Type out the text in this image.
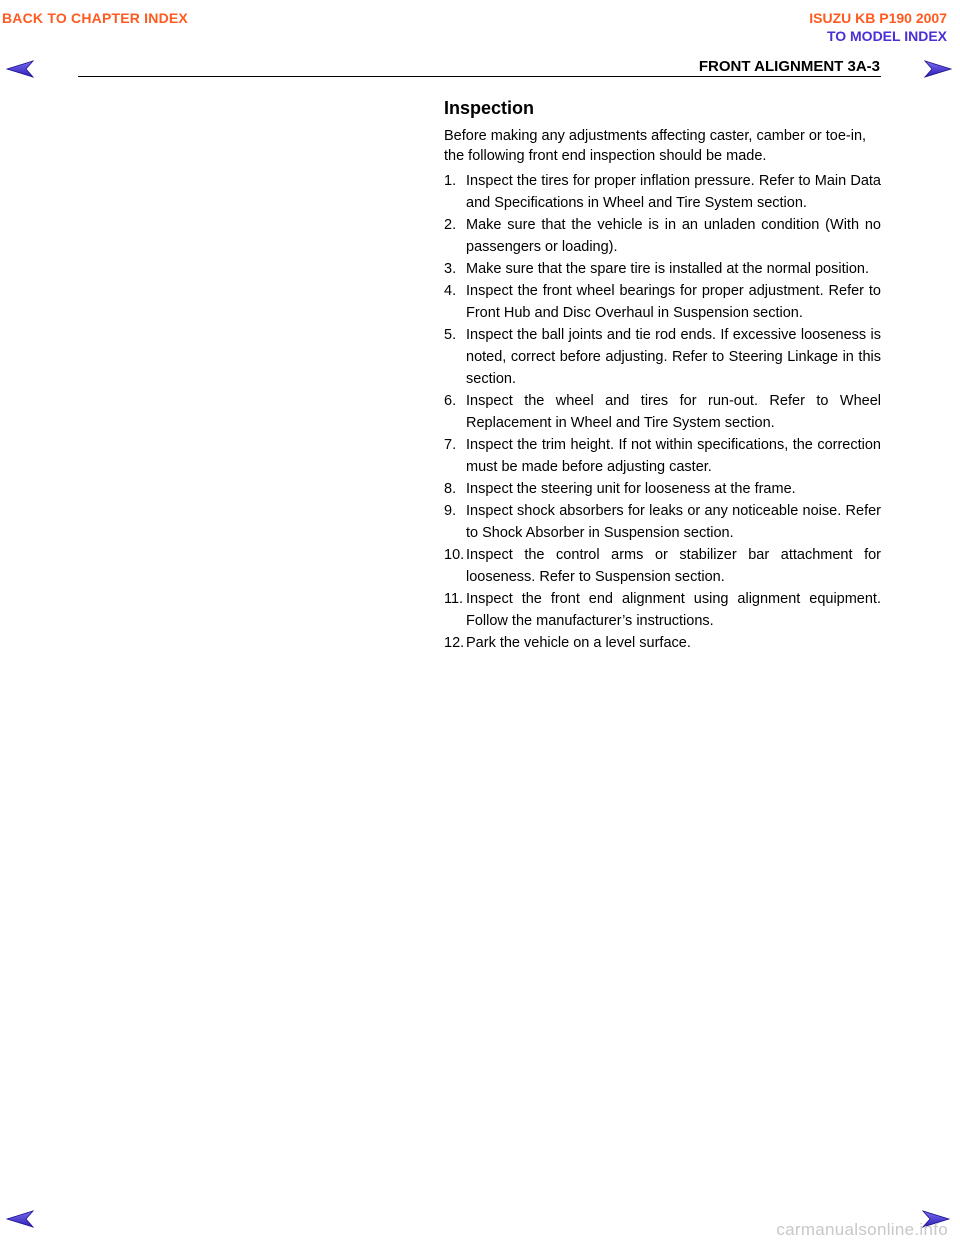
BACK TO CHAPTER INDEX	ISUZU KB P190 2007
TO MODEL INDEX
FRONT ALIGNMENT 3A-3
Inspection

Before making any adjustments affecting caster, camber or toe-in, the following front end inspection should be made.

1. Inspect the tires for proper inflation pressure. Refer to Main Data and Specifications in Wheel and Tire System section.
2. Make sure that the vehicle is in an unladen condition (With no passengers or loading).
3. Make sure that the spare tire is installed at the normal position.
4. Inspect the front wheel bearings for proper adjustment. Refer to Front Hub and Disc Overhaul in Suspension section.
5. Inspect the ball joints and tie rod ends. If excessive looseness is noted, correct before adjusting. Refer to Steering Linkage in this section.
6. Inspect the wheel and tires for run-out. Refer to Wheel Replacement in Wheel and Tire System section.
7. Inspect the trim height. If not within specifications, the correction must be made before adjusting caster.
8. Inspect the steering unit for looseness at the frame.
9. Inspect shock absorbers for leaks or any noticeable noise. Refer to Shock Absorber in Suspension section.
10. Inspect the control arms or stabilizer bar attachment for looseness. Refer to Suspension section.
11. Inspect the front end alignment using alignment equipment. Follow the manufacturer’s instructions.
12. Park the vehicle on a level surface.
carmanualsonline.info
